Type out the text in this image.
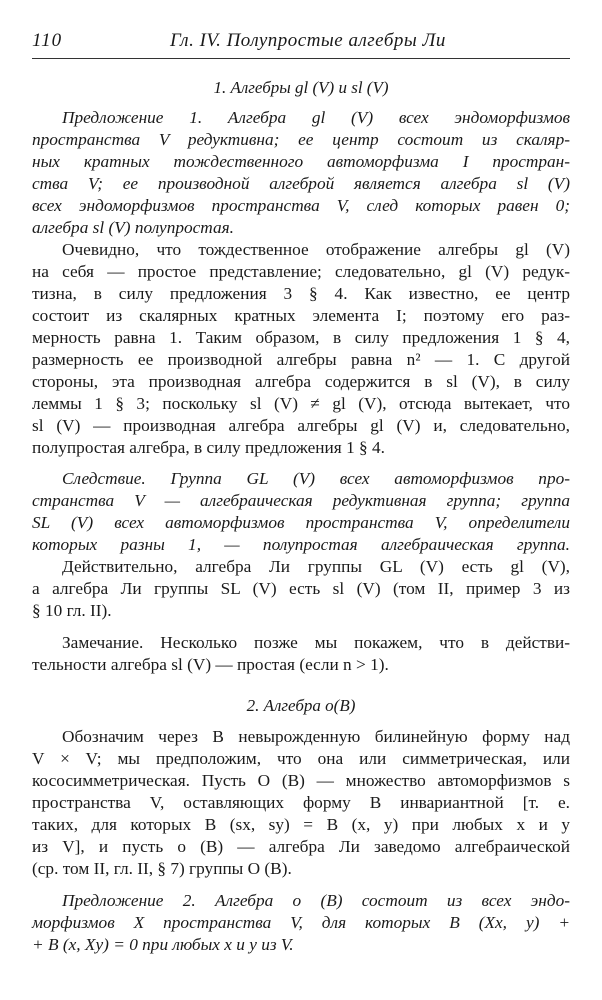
110	Гл. IV. Полупростые алгебры Ли
1. Алгебры gl (V) и sl (V)
Предложение 1. Алгебра gl (V) всех эндоморфизмов
пространства V редуктивна; ее центр состоит из скаляр-
ных кратных тождественного автоморфизма I простран-
ства V; ее производной алгеброй является алгебра sl (V)
всех эндоморфизмов пространства V, след которых равен 0;
алгебра sl (V) полупростая.
Очевидно, что тождественное отображение алгебры gl (V)
на себя — простое представление; следовательно, gl (V) редук-
тизна, в силу предложения 3 § 4. Как известно, ее центр
состоит из скалярных кратных элемента I; поэтому его раз-
мерность равна 1. Таким образом, в силу предложения 1 § 4,
размерность ее производной алгебры равна n² — 1. С другой
стороны, эта производная алгебра содержится в sl (V), в силу
леммы 1 § 3; поскольку sl (V) ≠ gl (V), отсюда вытекает, что
sl (V) — производная алгебра алгебры gl (V) и, следовательно,
полупростая алгебра, в силу предложения 1 § 4.
Следствие. Группа GL (V) всех автоморфизмов про-
странства V — алгебраическая редуктивная группа; группа
SL (V) всех автоморфизмов пространства V, определители
которых разны 1, — полупростая алгебраическая группа.
Действительно, алгебра Ли группы GL (V) есть gl (V),
а алгебра Ли группы SL (V) есть sl (V) (том II, пример 3 из
§ 10 гл. II).
Замечание. Несколько позже мы покажем, что в действи-
тельности алгебра sl (V) — простая (если n > 1).
2. Алгебра o(B)
Обозначим через B невырожденную билинейную форму над
V × V; мы предположим, что она или симметрическая, или
кососимметрическая. Пусть O (B) — множество автоморфизмов s
пространства V, оставляющих форму B инвариантной [т. е.
таких, для которых B (sx, sy) = B (x, y) при любых x и y
из V], и пусть o (B) — алгебра Ли заведомо алгебраической
(ср. том II, гл. II, § 7) группы O (B).
Предложение 2. Алгебра o (B) состоит из всех эндо-
морфизмов X пространства V, для которых B (Xx, y) +
+ B (x, Xy) = 0 при любых x и y из V.
